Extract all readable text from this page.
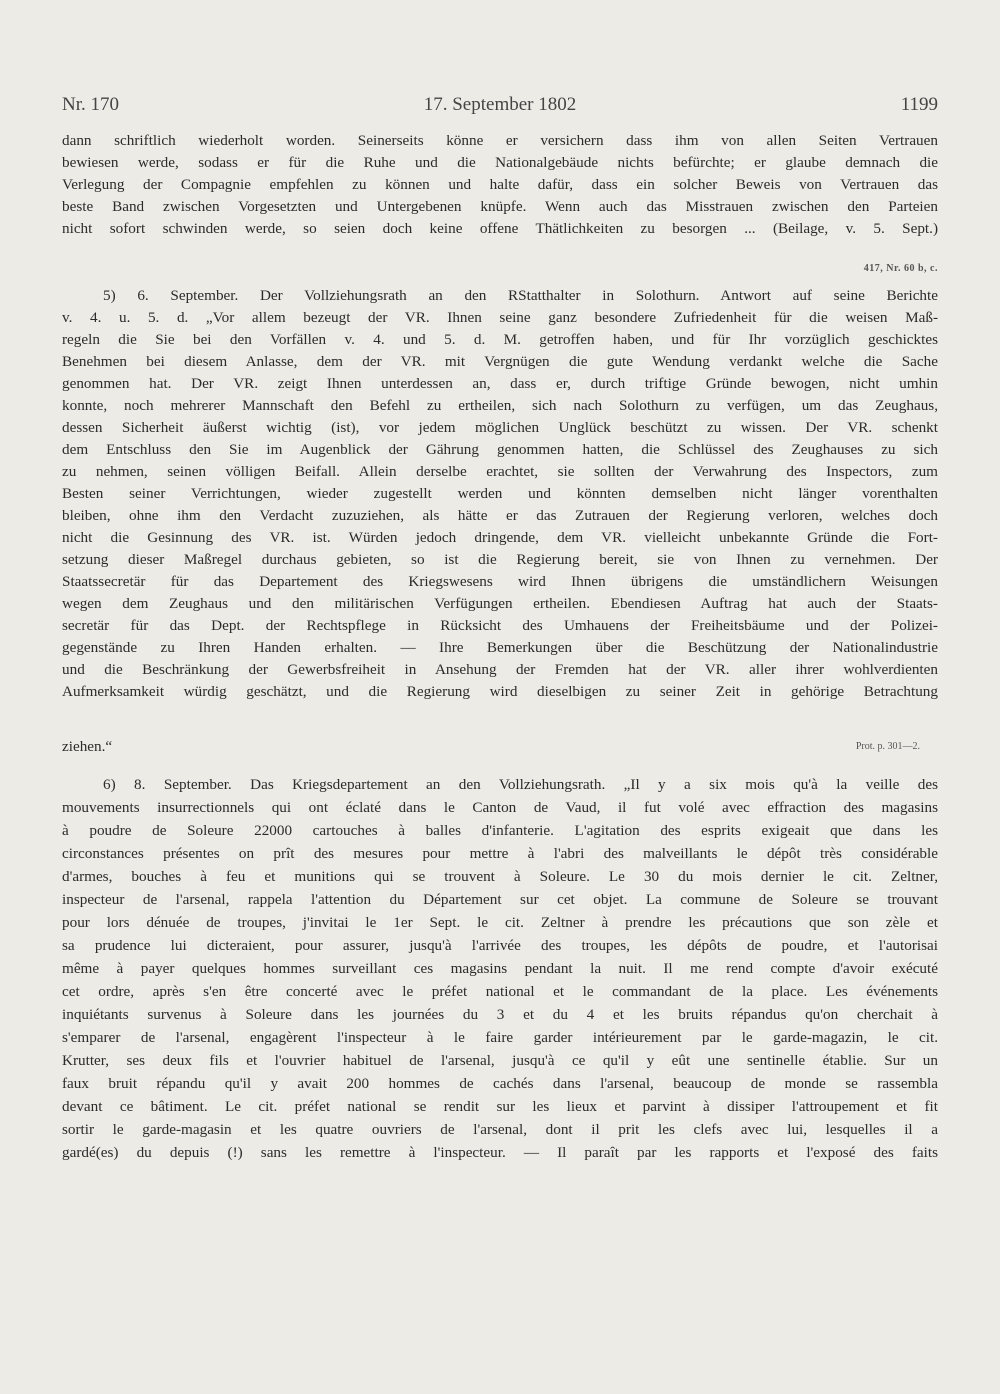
Nr. 170	17. September 1802	1199
dann schriftlich wiederholt worden. Seinerseits könne er versichern dass ihm von allen Seiten Vertrauen
bewiesen werde, sodass er für die Ruhe und die Nationalgebäude nichts befürchte; er glaube demnach die
Verlegung der Compagnie empfehlen zu können und halte dafür, dass ein solcher Beweis von Vertrauen das
beste Band zwischen Vorgesetzten und Untergebenen knüpfe. Wenn auch das Misstrauen zwischen den Parteien
nicht sofort schwinden werde, so seien doch keine offene Thätlichkeiten zu besorgen ... (Beilage, v. 5. Sept.)
417, Nr. 60 b, c.
5) 6. September. Der Vollziehungsrath an den RStatthalter in Solothurn. Antwort auf seine Berichte
v. 4. u. 5. d. „Vor allem bezeugt der VR. Ihnen seine ganz besondere Zufriedenheit für die weisen Maß-
regeln die Sie bei den Vorfällen v. 4. und 5. d. M. getroffen haben, und für Ihr vorzüglich geschicktes
Benehmen bei diesem Anlasse, dem der VR. mit Vergnügen die gute Wendung verdankt welche die Sache
genommen hat. Der VR. zeigt Ihnen unterdessen an, dass er, durch triftige Gründe bewogen, nicht umhin
konnte, noch mehrerer Mannschaft den Befehl zu ertheilen, sich nach Solothurn zu verfügen, um das Zeughaus,
dessen Sicherheit äußerst wichtig (ist), vor jedem möglichen Unglück beschützt zu wissen. Der VR. schenkt
dem Entschluss den Sie im Augenblick der Gährung genommen hatten, die Schlüssel des Zeughauses zu sich
zu nehmen, seinen völligen Beifall. Allein derselbe erachtet, sie sollten der Verwahrung des Inspectors, zum
Besten seiner Verrichtungen, wieder zugestellt werden und könnten demselben nicht länger vorenthalten
bleiben, ohne ihm den Verdacht zuzuziehen, als hätte er das Zutrauen der Regierung verloren, welches doch
nicht die Gesinnung des VR. ist. Würden jedoch dringende, dem VR. vielleicht unbekannte Gründe die Fort-
setzung dieser Maßregel durchaus gebieten, so ist die Regierung bereit, sie von Ihnen zu vernehmen. Der
Staatssecretär für das Departement des Kriegswesens wird Ihnen übrigens die umständlichern Weisungen
wegen dem Zeughaus und den militärischen Verfügungen ertheilen. Ebendiesen Auftrag hat auch der Staats-
secretär für das Dept. der Rechtspflege in Rücksicht des Umhauens der Freiheitsbäume und der Polizei-
gegenstände zu Ihren Handen erhalten. — Ihre Bemerkungen über die Beschützung der Nationalindustrie
und die Beschränkung der Gewerbsfreiheit in Ansehung der Fremden hat der VR. aller ihrer wohlverdienten
Aufmerksamkeit würdig geschätzt, und die Regierung wird dieselbigen zu seiner Zeit in gehörige Betrachtung
ziehen.“	Prot. p. 301—2.
6) 8. September. Das Kriegsdepartement an den Vollziehungsrath. „Il y a six mois qu'à la veille des
mouvements insurrectionnels qui ont éclaté dans le Canton de Vaud, il fut volé avec effraction des magasins
à poudre de Soleure 22000 cartouches à balles d'infanterie. L'agitation des esprits exigeait que dans les
circonstances présentes on prît des mesures pour mettre à l'abri des malveillants le dépôt très considérable
d'armes, bouches à feu et munitions qui se trouvent à Soleure. Le 30 du mois dernier le cit. Zeltner,
inspecteur de l'arsenal, rappela l'attention du Département sur cet objet. La commune de Soleure se trouvant
pour lors dénuée de troupes, j'invitai le 1er Sept. le cit. Zeltner à prendre les précautions que son zèle et
sa prudence lui dicteraient, pour assurer, jusqu'à l'arrivée des troupes, les dépôts de poudre, et l'autorisai
même à payer quelques hommes surveillant ces magasins pendant la nuit. Il me rend compte d'avoir exécuté
cet ordre, après s'en être concerté avec le préfet national et le commandant de la place. Les événements
inquiétants survenus à Soleure dans les journées du 3 et du 4 et les bruits répandus qu'on cherchait à
s'emparer de l'arsenal, engagèrent l'inspecteur à le faire garder intérieurement par le garde-magazin, le cit.
Krutter, ses deux fils et l'ouvrier habituel de l'arsenal, jusqu'à ce qu'il y eût une sentinelle établie. Sur un
faux bruit répandu qu'il y avait 200 hommes de cachés dans l'arsenal, beaucoup de monde se rassembla
devant ce bâtiment. Le cit. préfet national se rendit sur les lieux et parvint à dissiper l'attroupement et fit
sortir le garde-magasin et les quatre ouvriers de l'arsenal, dont il prit les clefs avec lui, lesquelles il a
gardé(es) du depuis (!) sans les remettre à l'inspecteur. — Il paraît par les rapports et l'exposé des faits
